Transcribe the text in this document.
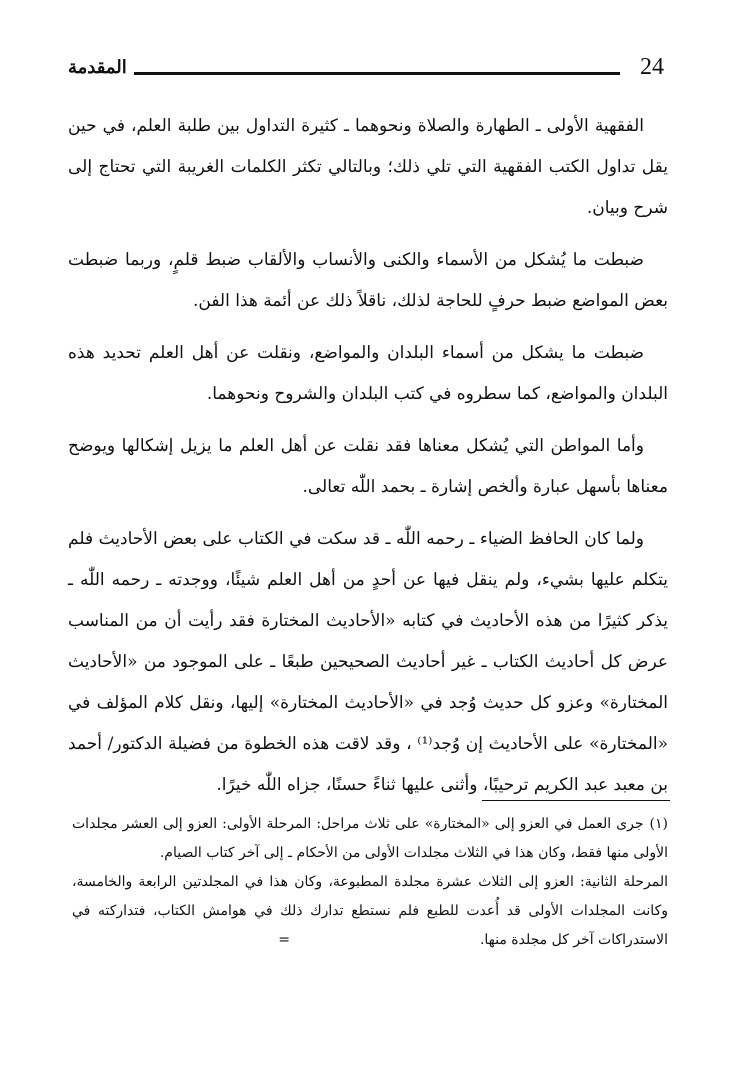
24
المقدمة

الفقهية الأولى ـ الطهارة والصلاة ونحوهما ـ كثيرة التداول بين طلبة العلم، في حين يقل تداول الكتب الفقهية التي تلي ذلك؛ وبالتالي تكثر الكلمات الغريبة التي تحتاج إلى شرح وبيان.

ضبطت ما يُشكل من الأسماء والكنى والأنساب والألقاب ضبط قلمٍ، وربما ضبطت بعض المواضع ضبط حرفٍ للحاجة لذلك، ناقلاً ذلك عن أئمة هذا الفن.

ضبطت ما يشكل من أسماء البلدان والمواضع، ونقلت عن أهل العلم تحديد هذه البلدان والمواضع، كما سطروه في كتب البلدان والشروح ونحوهما.

وأما المواطن التي يُشكل معناها فقد نقلت عن أهل العلم ما يزيل إشكالها ويوضح معناها بأسهل عبارة وألخص إشارة ـ بحمد اللّٰه تعالى.

ولما كان الحافظ الضياء ـ رحمه اللّٰه ـ قد سكت في الكتاب على بعض الأحاديث فلم يتكلم عليها بشيء، ولم ينقل فيها عن أحدٍ من أهل العلم شيئًا، ووجدته ـ رحمه اللّٰه ـ يذكر كثيرًا من هذه الأحاديث في كتابه «الأحاديث المختارة فقد رأيت أن من المناسب عرض كل أحاديث الكتاب ـ غير أحاديث الصحيحين طبعًا ـ على الموجود من «الأحاديث المختارة» وعزو كل حديث وُجد في «الأحاديث المختارة» إليها، ونقل كلام المؤلف في «المختارة» على الأحاديث إن وُجد⁽¹⁾ ، وقد لاقت هذه الخطوة من فضيلة الدكتور/ أحمد بن معبد عبد الكريم ترحيبًا، وأثنى عليها ثناءً حسنًا، جزاه اللّٰه خيرًا.

(١)جرى العمل في العزو إلى «المختارة» على ثلاث مراحل: المرحلة الأولى: العزو إلى العشر مجلدات الأولى منها فقط، وكان هذا في الثلاث مجلدات الأولى من الأحكام ـ إلى آخر كتاب الصيام.

المرحلة الثانية: العزو إلى الثلاث عشرة مجلدة المطبوعة، وكان هذا في المجلدتين الرابعة والخامسة، وكانت المجلدات الأولى قد أُعدت للطبع فلم نستطع تدارك ذلك في هوامش الكتاب، فتداركته في الاستدراكات آخر كل مجلدة منها.=
